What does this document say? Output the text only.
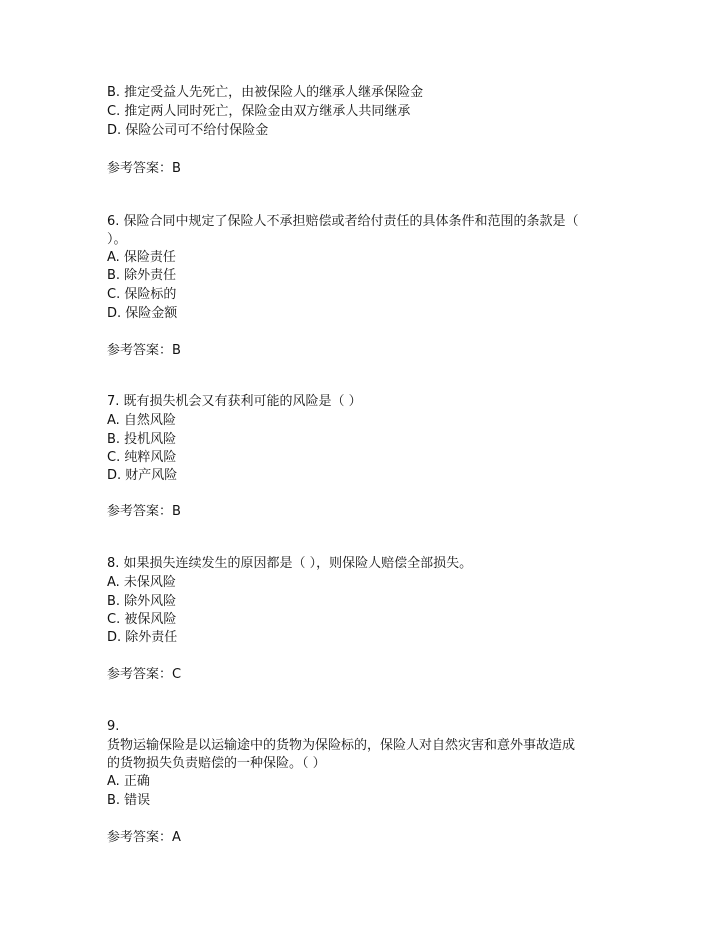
B. 推定受益人先死亡，由被保险人的继承人继承保险金
C. 推定两人同时死亡，保险金由双方继承人共同继承
D. 保险公司可不给付保险金
参考答案：B
6. 保险合同中规定了保险人不承担赔偿或者给付责任的具体条件和范围的条款是（
）。
A. 保险责任
B. 除外责任
C. 保险标的
D. 保险金额
参考答案：B
7. 既有损失机会又有获利可能的风险是（ ）
A. 自然风险
B. 投机风险
C. 纯粹风险
D. 财产风险
参考答案：B
8. 如果损失连续发生的原因都是（ ），则保险人赔偿全部损失。
A. 未保风险
B. 除外风险
C. 被保风险
D. 除外责任
参考答案：C
9.
货物运输保险是以运输途中的货物为保险标的，保险人对自然灾害和意外事故造成
的货物损失负责赔偿的一种保险。（ ）
A. 正确
B. 错误
参考答案：A
